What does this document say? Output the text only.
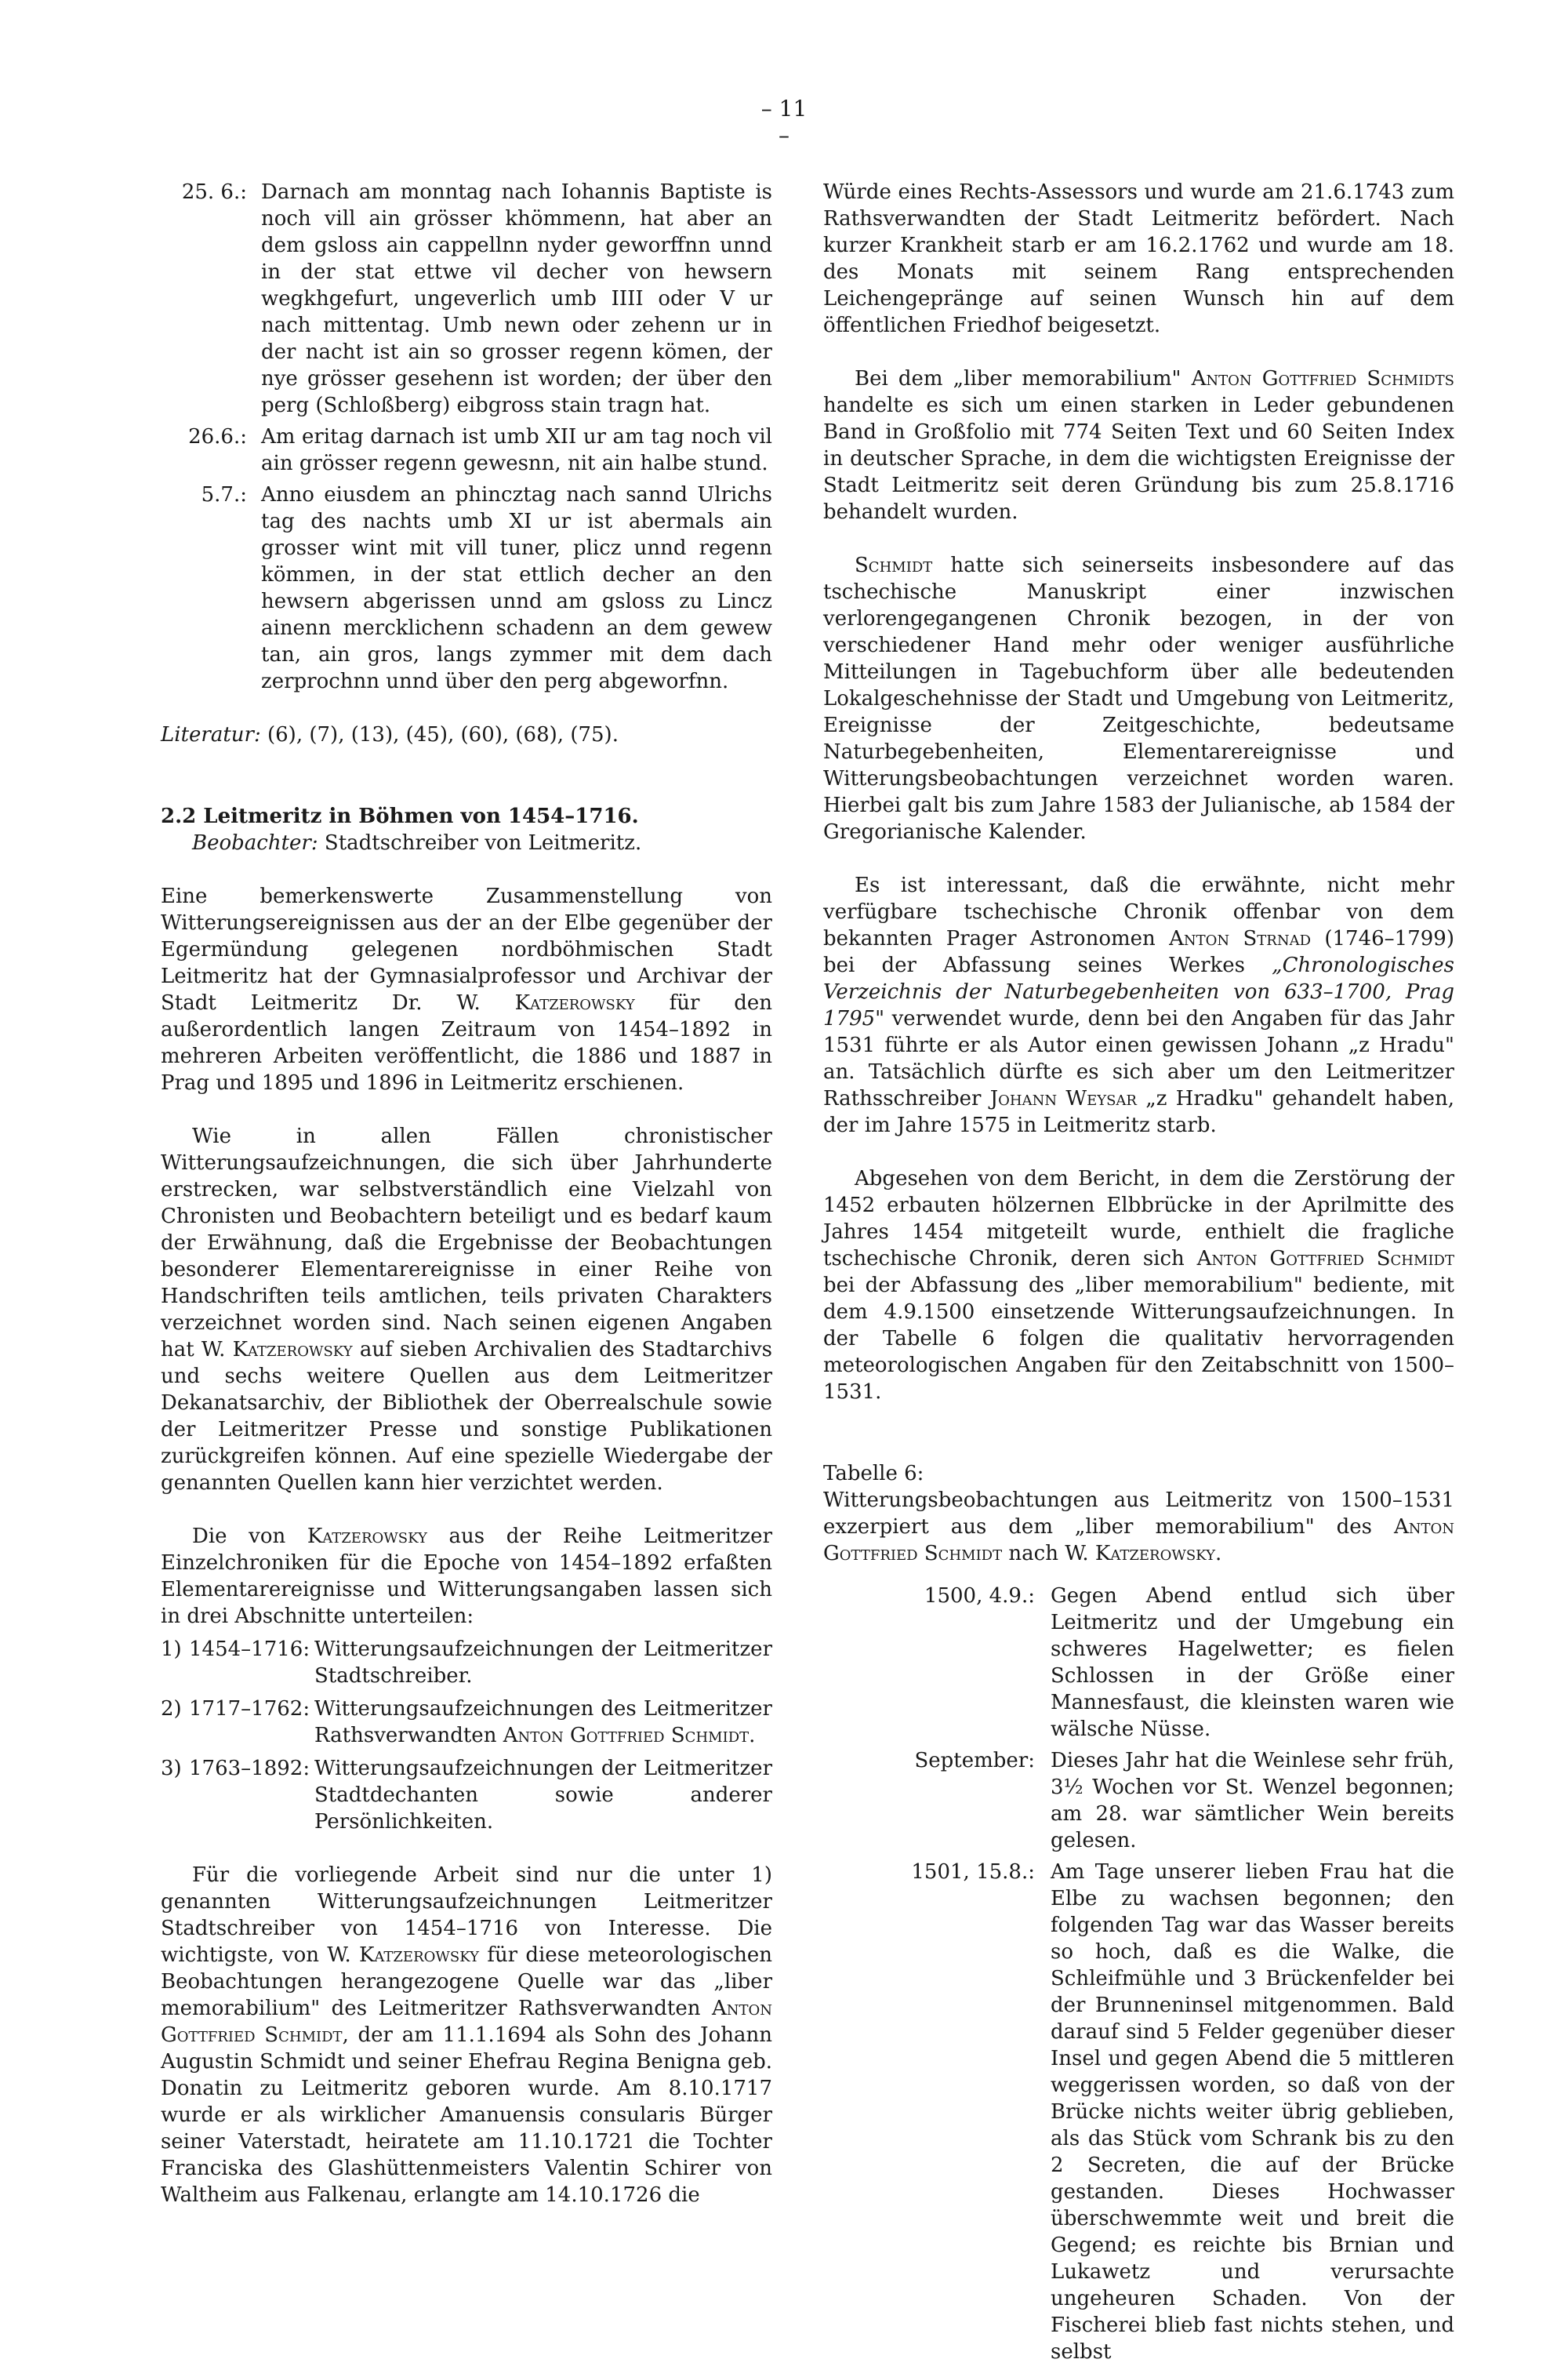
– 11 –
25. 6.: Darnach am monntag nach Iohannis Baptiste is noch vill ain grösser khömmenn, hat aber an dem gsloss ain cappellnn nyder geworffnn unnd in der stat ettwe vil decher von hewsern wegkhgefurt, ungeverlich umb IIII oder V ur nach mittentag. Umb newn oder zehenn ur in der nacht ist ain so grosser regenn kömen, der nye grösser gesehenn ist worden; der über den perg (Schloßberg) eibgross stain tragn hat.
26.6.: Am eritag darnach ist umb XII ur am tag noch vil ain grösser regenn gewesnn, nit ain halbe stund.
5.7.: Anno eiusdem an phincztag nach sannd Ulrichs tag des nachts umb XI ur ist abermals ain grosser wint mit vill tuner, plicz unnd regenn kömmen, in der stat ettlich decher an den hewsern abgerissen unnd am gsloss zu Lincz ainenn mercklichenn schadenn an dem gewew tan, ain gros, langs zymmer mit dem dach zerprochnn unnd über den perg abgeworfnn.

Literatur: (6), (7), (13), (45), (60), (68), (75).

2.2 Leitmeritz in Böhmen von 1454–1716.

Beobachter: Stadtschreiber von Leitmeritz.

Eine bemerkenswerte Zusammenstellung von Witterungsereignissen aus der an der Elbe gegenüber der Egermündung gelegenen nordböhmischen Stadt Leitmeritz hat der Gymnasialprofessor und Archivar der Stadt Leitmeritz Dr. W. Katzerowsky für den außerordentlich langen Zeitraum von 1454–1892 in mehreren Arbeiten veröffentlicht, die 1886 und 1887 in Prag und 1895 und 1896 in Leitmeritz erschienen.

Wie in allen Fällen chronistischer Witterungsaufzeichnungen, die sich über Jahrhunderte erstrecken, war selbstverständlich eine Vielzahl von Chronisten und Beobachtern beteiligt und es bedarf kaum der Erwähnung, daß die Ergebnisse der Beobachtungen besonderer Elementarereignisse in einer Reihe von Handschriften teils amtlichen, teils privaten Charakters verzeichnet worden sind. Nach seinen eigenen Angaben hat W. Katzerowsky auf sieben Archivalien des Stadtarchivs und sechs weitere Quellen aus dem Leitmeritzer Dekanatsarchiv, der Bibliothek der Oberrealschule sowie der Leitmeritzer Presse und sonstige Publikationen zurückgreifen können. Auf eine spezielle Wiedergabe der genannten Quellen kann hier verzichtet werden.

Die von Katzerowsky aus der Reihe Leitmeritzer Einzelchroniken für die Epoche von 1454–1892 erfaßten Elementarereignisse und Witterungsangaben lassen sich in drei Abschnitte unterteilen:

1) 1454–1716: Witterungsaufzeichnungen der Leitmeritzer Stadtschreiber.
2) 1717–1762: Witterungsaufzeichnungen des Leitmeritzer Rathsverwandten Anton Gottfried Schmidt.
3) 1763–1892: Witterungsaufzeichnungen der Leitmeritzer Stadtdechanten sowie anderer Persönlichkeiten.

Für die vorliegende Arbeit sind nur die unter 1) genannten Witterungsaufzeichnungen Leitmeritzer Stadtschreiber von 1454–1716 von Interesse. Die wichtigste, von W. Katzerowsky für diese meteorologischen Beobachtungen herangezogene Quelle war das „liber memorabilium" des Leitmeritzer Rathsverwandten Anton Gottfried Schmidt, der am 11.1.1694 als Sohn des Johann Augustin Schmidt und seiner Ehefrau Regina Benigna geb. Donatin zu Leitmeritz geboren wurde. Am 8.10.1717 wurde er als wirklicher Amanuensis consularis Bürger seiner Vaterstadt, heiratete am 11.10.1721 die Tochter Franciska des Glashüttenmeisters Valentin Schirer von Waltheim aus Falkenau, erlangte am 14.10.1726 die

Würde eines Rechts-Assessors und wurde am 21.6.1743 zum Rathsverwandten der Stadt Leitmeritz befördert. Nach kurzer Krankheit starb er am 16.2.1762 und wurde am 18. des Monats mit seinem Rang entsprechenden Leichengepränge auf seinen Wunsch hin auf dem öffentlichen Friedhof beigesetzt.

Bei dem „liber memorabilium" Anton Gottfried Schmidts handelte es sich um einen starken in Leder gebundenen Band in Großfolio mit 774 Seiten Text und 60 Seiten Index in deutscher Sprache, in dem die wichtigsten Ereignisse der Stadt Leitmeritz seit deren Gründung bis zum 25.8.1716 behandelt wurden.

Schmidt hatte sich seinerseits insbesondere auf das tschechische Manuskript einer inzwischen verlorengegangenen Chronik bezogen, in der von verschiedener Hand mehr oder weniger ausführliche Mitteilungen in Tagebuchform über alle bedeutenden Lokalgeschehnisse der Stadt und Umgebung von Leitmeritz, Ereignisse der Zeitgeschichte, bedeutsame Naturbegebenheiten, Elementarereignisse und Witterungsbeobachtungen verzeichnet worden waren. Hierbei galt bis zum Jahre 1583 der Julianische, ab 1584 der Gregorianische Kalender.

Es ist interessant, daß die erwähnte, nicht mehr verfügbare tschechische Chronik offenbar von dem bekannten Prager Astronomen Anton Strnad (1746–1799) bei der Abfassung seines Werkes „Chronologisches Verzeichnis der Naturbegebenheiten von 633–1700, Prag 1795" verwendet wurde, denn bei den Angaben für das Jahr 1531 führte er als Autor einen gewissen Johann „z Hradu" an. Tatsächlich dürfte es sich aber um den Leitmeritzer Rathsschreiber Johann Weysar „z Hradku" gehandelt haben, der im Jahre 1575 in Leitmeritz starb.

Abgesehen von dem Bericht, in dem die Zerstörung der 1452 erbauten hölzernen Elbbrücke in der Aprilmitte des Jahres 1454 mitgeteilt wurde, enthielt die fragliche tschechische Chronik, deren sich Anton Gottfried Schmidt bei der Abfassung des „liber memorabilium" bediente, mit dem 4.9.1500 einsetzende Witterungsaufzeichnungen. In der Tabelle 6 folgen die qualitativ hervorragenden meteorologischen Angaben für den Zeitabschnitt von 1500–1531.

Tabelle 6:

Witterungsbeobachtungen aus Leitmeritz von 1500–1531 exzerpiert aus dem „liber memorabilium" des Anton Gottfried Schmidt nach W. Katzerowsky.

1500, 4.9.: Gegen Abend entlud sich über Leitmeritz und der Umgebung ein schweres Hagelwetter; es fielen Schlossen in der Größe einer Mannesfaust, die kleinsten waren wie wälsche Nüsse.
September: Dieses Jahr hat die Weinlese sehr früh, 3½ Wochen vor St. Wenzel begonnen; am 28. war sämtlicher Wein bereits gelesen.
1501, 15.8.: Am Tage unserer lieben Frau hat die Elbe zu wachsen begonnen; den folgenden Tag war das Wasser bereits so hoch, daß es die Walke, die Schleifmühle und 3 Brückenfelder bei der Brunneninsel mitgenommen. Bald darauf sind 5 Felder gegenüber dieser Insel und gegen Abend die 5 mittleren weggerissen worden, so daß von der Brücke nichts weiter übrig geblieben, als das Stück vom Schrank bis zu den 2 Secreten, die auf der Brücke gestanden. Dieses Hochwasser überschwemmte weit und breit die Gegend; es reichte bis Brnian und Lukawetz und verursachte ungeheuren Schaden. Von der Fischerei blieb fast nichts stehen, und selbst
